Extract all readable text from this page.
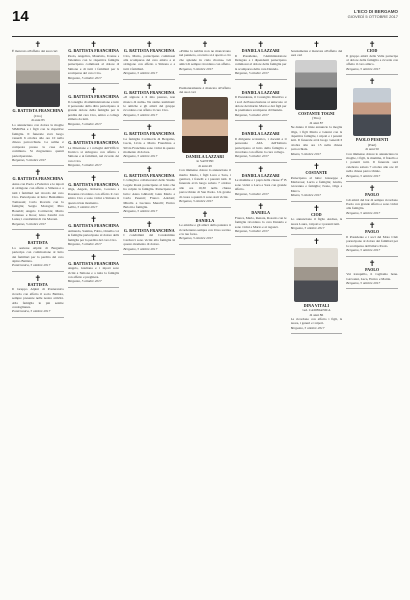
14	L'ECO DI BERGAMO
GIOVEDÌ 5 OTTOBRE 2017
✝
È mancato all'affetto dei suoi cari
G. BATTISTA FRANCHINA
(Ciro)
di anni 83
Lo annunciano con dolore la moglie SIMONA e i figli con le rispettive famiglie. Il funerale avrà luogo venerdì 6 ottobre alle ore 10 nella chiesa parrocchiale. La salma è composta presso la casa del commiato. Si ringraziano quanti parteciperanno.
Bergamo, 5 ottobre 2017
✝
G. BATTISTA FRANCHINA
Anna con Paolo e Federica e le nipoti si stringono con affetto a Simona e a tutti i familiari nel ricordo del caro Ciro. Partecipano al lutto: Beniamino Tomasoni; Carlo Rovaris con la famiglia; Sergio Mologni; Pino Bonaldi; Angelo Cortinovis; Mario Cattaneo e Rosa; Gino Zanchi con Luisa; i condòmini di via Moroni.
Bergamo, 5 ottobre 2017
✝
BATTISTA
La sezione Alpini di Bergamo partecipa con commozione al lutto dei familiari per la perdita del caro alpino Battista.
Ponteranica, 5 ottobre 2017
✝
BATTISTA
Il Gruppo Alpini di Ponteranica ricorda con affetto il socio Battista, sempre presente nelle nostre attività. Alla famiglia le più sentite condoglianze.
Ponteranica, 5 ottobre 2017
✝
G. BATTISTA FRANCHINA
Paolo, Angelica, Maurizio, Ivonne e Valentina con le rispettive famiglie partecipano commossi al dolore di Simona e di tutti i familiari per la scomparsa del caro Ciro.
Bergamo, 5 ottobre 2017
✝
G. BATTISTA FRANCHINA
Il consiglio di amministrazione e tutto il personale della ditta partecipano al grande dolore della famiglia per la perdita del caro Ciro, amico e collega stimato da tutti.
Bergamo, 5 ottobre 2017
✝
G. BATTISTA FRANCHINA
La Direzione e i colleghi dell'Ufficio Tecnico si stringono con affetto a Simona e ai familiari, nel ricordo del caro Ciro.
Bergamo, 5 ottobre 2017
✝
G. BATTISTA FRANCHINA
Olga, Angelo, Roberto, Lorenzo e Rosanna ricordano con affetto il caro amico Ciro e sono vicini a Simona in questo triste momento.
Lallio, 5 ottobre 2017
✝
G. BATTISTA FRANCHINA
Armando, Santina, Fabio, Ornella con le famiglie partecipano al dolore della famiglia per la perdita del caro Ciro.
Bergamo, 5 ottobre 2017
✝
G. BATTISTA FRANCHINA
Angelo, Giuliana e i nipoti sono vicini a Simona e a tutta la famiglia con affetto e preghiera.
Bergamo, 5 ottobre 2017
✝
G. BATTISTA FRANCHINA
Ciro, Mario, partecipano commossi alla scomparsa del caro amico e si stringono con affetto a Simona e a tutti i familiari.
Bergamo, 5 ottobre 2017
✝
G. BATTISTA FRANCHINA
«Il signore è il mio pastore, non manco di nulla» Ne siamo testimoni: le amiche e gli amici del gruppo ricordano con affetto il caro Ciro.
Bergamo, 5 ottobre 2017
✝
G. BATTISTA FRANCHINA
La famiglia Cortinovis di Bergamo, Lucia, Livia e Mario Franchina e Silvia Franchina sono vicini in questo momento di dolore.
Bergamo, 5 ottobre 2017
✝
G. BATTISTA FRANCHINA
I colleghi e collaboratori dello Studio Legale Rossi partecipano al lutto che ha colpito la famiglia. Partecipano al lutto: Anna Ghilardi; Gian Mario e Carla Pesenti; Franco Adobati; Mirella e Luciano Merelli; Enrico Belotti e famiglia.
Bergamo, 5 ottobre 2017
✝
G. BATTISTA FRANCHINA
I condòmini del Condominio Carducci sono vicini alla famiglia in questo momento di dolore.
Bergamo, 5 ottobre 2017
✝
«Prima la nebbia non ne mancavano nel pensiero, ora tutto si è aperto e ciò che splende in cielo ritorna» Gli amici di sempre ricordano con affetto.
Bergamo, 5 ottobre 2017
✝
Prematuramente è mancata all'affetto dei suoi cari
DANIELA LAZZARI
in SANTINI
di anni 49
Con immenso dolore lo annunciano il marito Mario, i figli Luca e Sara, i genitori, i fratelli e i parenti tutti. Il funerale avrà luogo sabato 7 ottobre alle ore 10,30 nella chiesa parrocchiale di San Paolo. Un grazie di cuore a quanti ci sono stati vicini.
Bergamo, 5 ottobre 2017
✝
DANIELA
Le amiche e gli amici della palestra ti ricorderanno sempre con il tuo sorriso e la tua forza.
Bergamo, 5 ottobre 2017
✝
DANIELA LAZZARI
Il Presidente, l'Amministratore Delegato e i dipendenti partecipano commossi al dolore della famiglia per la scomparsa della cara Daniela.
Bergamo, 5 ottobre 2017
✝
DANIELA LAZZARI
Il Presidente, il Consiglio Direttivo e i soci dell'associazione si uniscono al dolore del marito Mario e dei figli per la prematura scomparsa di Daniela.
Bergamo, 5 ottobre 2017
✝
DANIELA LAZZARI
Il dirigente scolastico, i docenti e il personale ATA dell'Istituto partecipano al lutto della famiglia e ricordano con affetto la cara collega.
Bergamo, 5 ottobre 2017
✝
DANIELA LAZZARI
Le mamme e i papà della classe 3ª B sono vicini a Luca e Sara con grande affetto.
Bergamo, 5 ottobre 2017
✝
DANIELA
Franca, Mario, Renata, Rosario con le famiglie ricordano la cara Daniela e sono vicini a Mario e ai ragazzi.
Bergamo, 5 ottobre 2017
✝
Serenamente è mancata all'affetto dei suoi cari
COSTANTE TOGNI
(Tino)
di anni 87
Ne danno il triste annuncio la moglie Olga, i figli Maria e Gianni con le rispettive famiglie, i nipoti e i parenti tutti. Il funerale avrà luogo venerdì 6 ottobre alle ore 15 nella chiesa parrocchiale.
Mozzo, 5 ottobre 2017
✝
COSTANTE
Partecipano al lutto: Giuseppe e Mariarosa; Lucia e famiglia; Giulio, Giovanna e famiglia; Ivano, Olga e Marco.
Mozzo, 5 ottobre 2017
✝
CIOD
Lo annunciano il figlio Andrea, la nuora Laura, i nipoti e i parenti tutti.
Bergamo, 5 ottobre 2017
✝
DINA VITALI
ved. CAMBIANICA
di anni 86
La ricordano con affetto i figli, le nuore, i generi e i nipoti.
Bergamo, 5 ottobre 2017
✝
CIOD
Il gruppo amici della Valle partecipa al dolore della famiglia e ricorda con affetto il caro amico.
Bergamo, 5 ottobre 2017
✝
PAOLO PESENTI
(Paul)
di anni 50
Con immenso dolore lo annunciano la moglie, i figli, la mamma, il fratello e i parenti tutti. Il funerale sarà celebrato sabato 7 ottobre alle ore 10 nella chiesa parrocchiale.
Bergamo, 5 ottobre 2017
✝
PAOLO
Gli amici del bar di sempre ricordano Paolo con grande affetto e sono vicini alla famiglia.
Bergamo, 5 ottobre 2017
✝
PAOLO
Il Presidente e i soci del Moto Club partecipano al dolore dei familiari per la scomparsa dell'amico Paolo.
Bergamo, 5 ottobre 2017
✝
PAOLO
Vai tranquillo, ti vogliamo bene. Giovanni, Luca, Enrico e Mattia.
Bergamo, 5 ottobre 2017
